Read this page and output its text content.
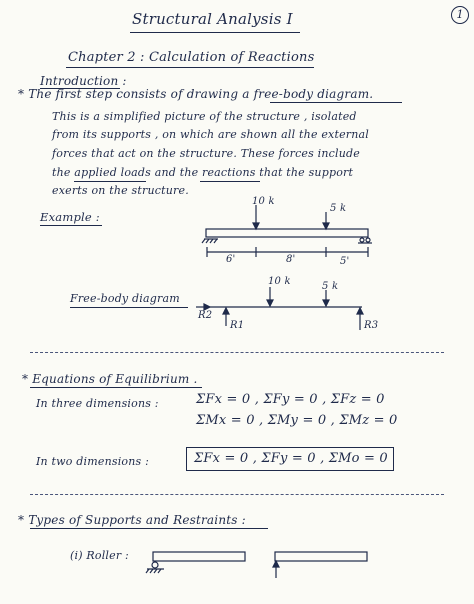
Structural Analysis I	1
Chapter 2 : Calculation of Reactions
Introduction :
* The first step consists of drawing a free-body diagram.
This is a simplified picture of the structure , isolated
from its supports , on which are shown all the external
forces that act on the structure. These forces include
the applied loads and the reactions that the support
exerts on the structure.
Example :
Free-body diagram
10 k
5 k
6'	8'	5'
10 k	5 k
R2
R1	R3
* Equations of Equilibrium .
In three dimensions :	ΣFx = 0 , ΣFy = 0 , ΣFz = 0
ΣMx = 0 , ΣMy = 0 , ΣMz = 0
In two dimensions :	ΣFx = 0 , ΣFy = 0 , ΣMo = 0
* Types of Supports and Restraints :
(i) Roller :
